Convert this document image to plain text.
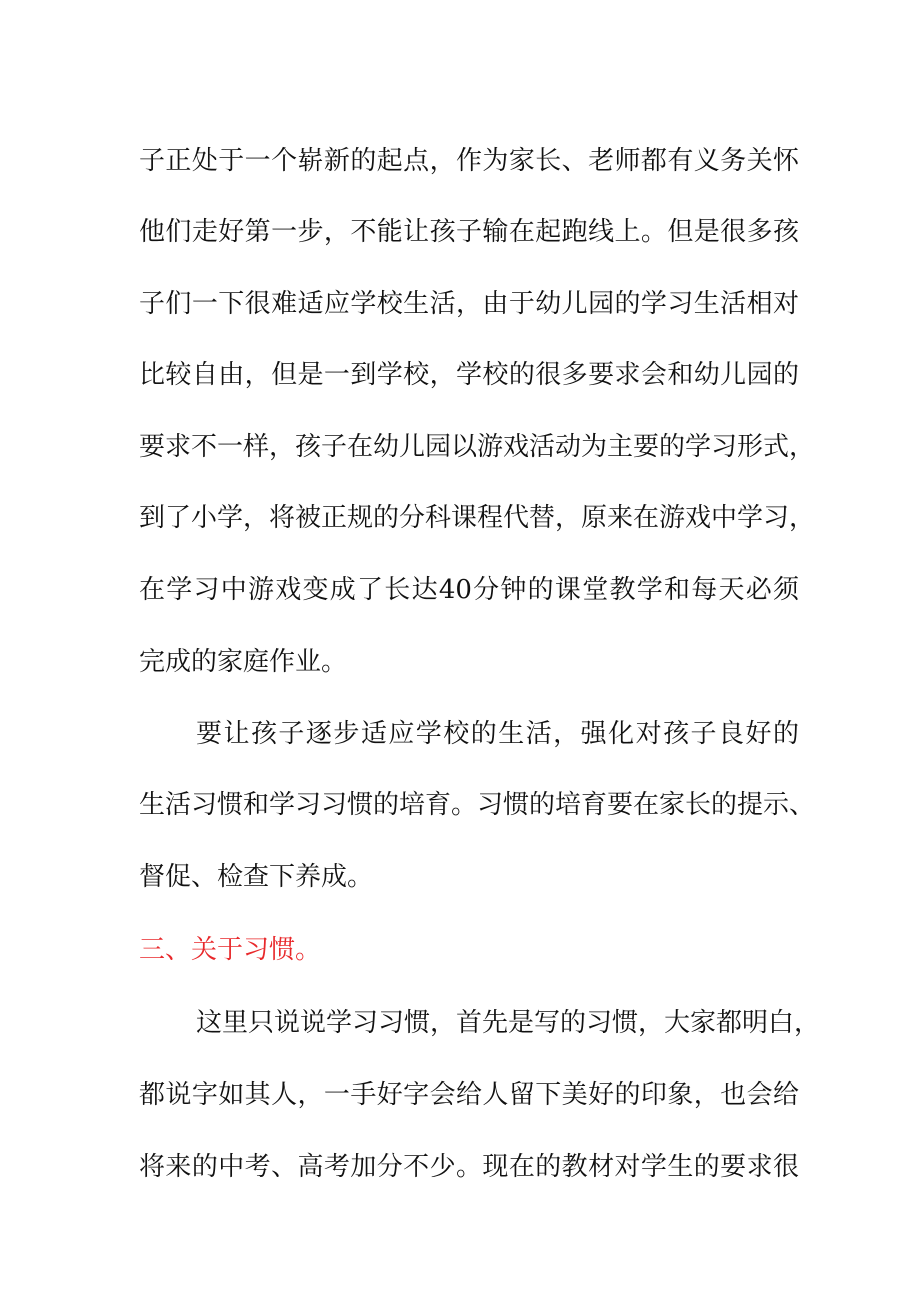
子正处于一个崭新的起点，作为家长、老师都有义务关怀
他们走好第一步，不能让孩子输在起跑线上。但是很多孩
子们一下很难适应学校生活，由于幼儿园的学习生活相对
比较自由，但是一到学校，学校的很多要求会和幼儿园的
要求不一样，孩子在幼儿园以游戏活动为主要的学习形式，
到了小学，将被正规的分科课程代替，原来在游戏中学习，
在学习中游戏变成了长达40分钟的课堂教学和每天必须
完成的家庭作业。
要让孩子逐步适应学校的生活，强化对孩子良好的
生活习惯和学习习惯的培育。习惯的培育要在家长的提示、
督促、检查下养成。
三、关于习惯。
这里只说说学习习惯，首先是写的习惯，大家都明白，
都说字如其人，一手好字会给人留下美好的印象，也会给
将来的中考、高考加分不少。现在的教材对学生的要求很
